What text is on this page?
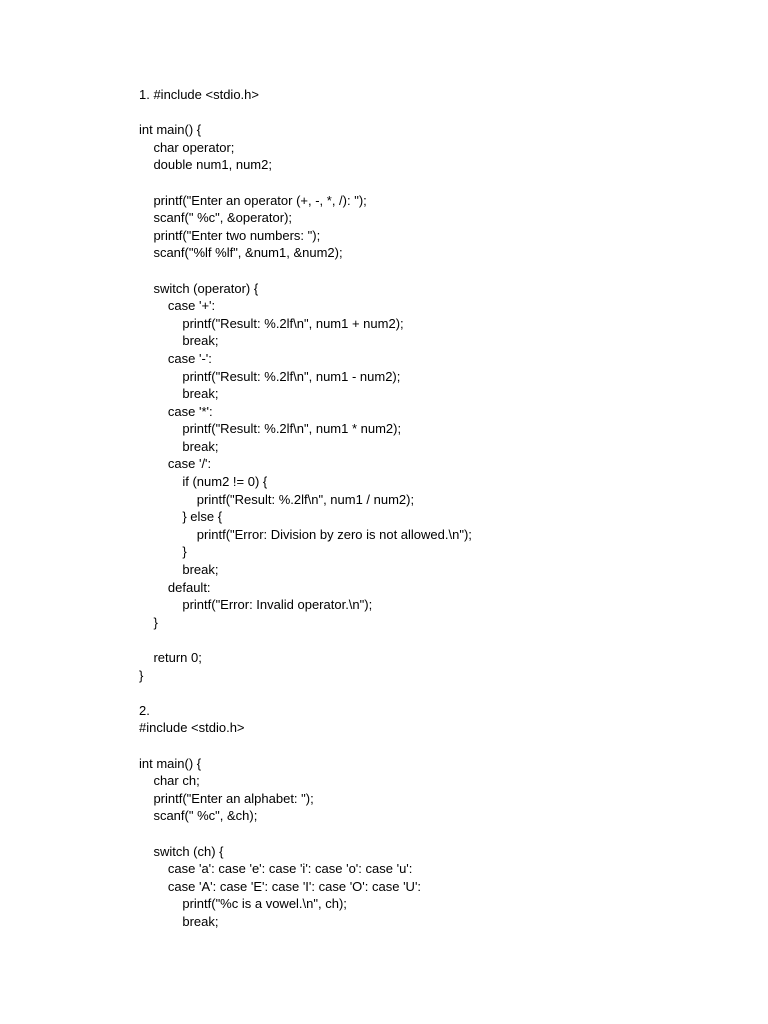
1. #include <stdio.h>
int main() {
char operator;
double num1, num2;
printf("Enter an operator (+, -, *, /): ");
scanf(" %c", &operator);
printf("Enter two numbers: ");
scanf("%lf %lf", &num1, &num2);
switch (operator) {
case '+':
printf("Result: %.2lf\n", num1 + num2);
break;
case '-':
printf("Result: %.2lf\n", num1 - num2);
break;
case '*':
printf("Result: %.2lf\n", num1 * num2);
break;
case '/':
if (num2 != 0) {
printf("Result: %.2lf\n", num1 / num2);
} else {
printf("Error: Division by zero is not allowed.\n");
}
break;
default:
printf("Error: Invalid operator.\n");
}
return 0;
}
2.
#include <stdio.h>
int main() {
char ch;
printf("Enter an alphabet: ");
scanf(" %c", &ch);
switch (ch) {
case 'a': case 'e': case 'i': case 'o': case 'u':
case 'A': case 'E': case 'I': case 'O': case 'U':
printf("%c is a vowel.\n", ch);
break;
